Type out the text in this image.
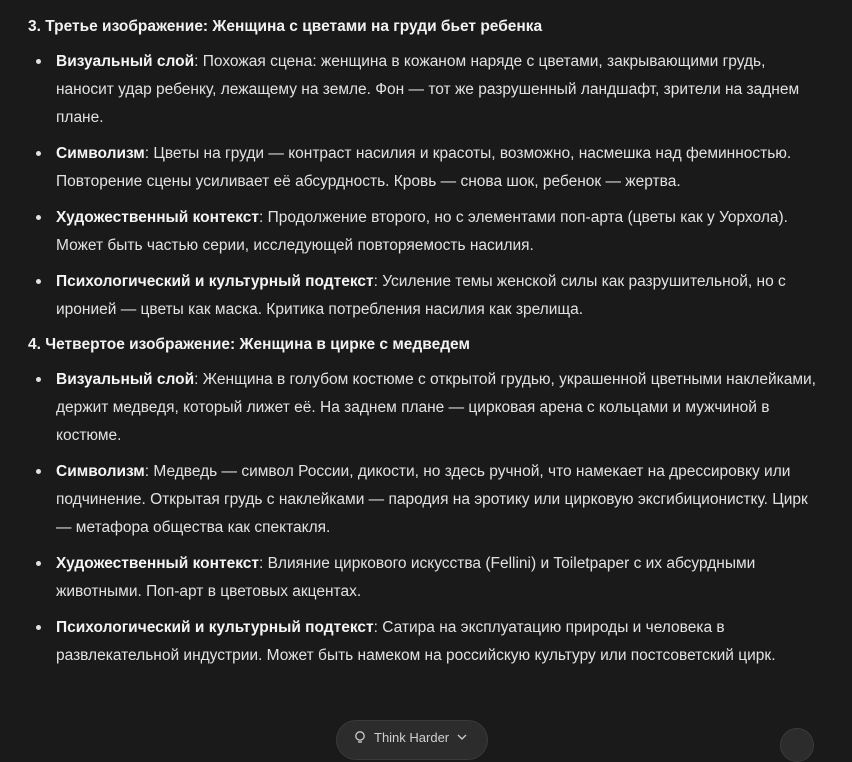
3. Третье изображение: Женщина с цветами на груди бьет ребенка
Визуальный слой: Похожая сцена: женщина в кожаном наряде с цветами, закрывающими грудь, наносит удар ребенку, лежащему на земле. Фон — тот же разрушенный ландшафт, зрители на заднем плане.
Символизм: Цветы на груди — контраст насилия и красоты, возможно, насмешка над феминностью. Повторение сцены усиливает её абсурдность. Кровь — снова шок, ребенок — жертва.
Художественный контекст: Продолжение второго, но с элементами поп-арта (цветы как у Уорхола). Может быть частью серии, исследующей повторяемость насилия.
Психологический и культурный подтекст: Усиление темы женской силы как разрушительной, но с иронией — цветы как маска. Критика потребления насилия как зрелища.
4. Четвертое изображение: Женщина в цирке с медведем
Визуальный слой: Женщина в голубом костюме с открытой грудью, украшенной цветными наклейками, держит медведя, который лижет её. На заднем плане — цирковая арена с кольцами и мужчиной в костюме.
Символизм: Медведь — символ России, дикости, но здесь ручной, что намекает на дрессировку или подчинение. Открытая грудь с наклейками — пародия на эротику или цирковую эксгибиционистку. Цирк — метафора общества как спектакля.
Художественный контекст: Влияние циркового искусства (Fellini) и Toiletpaper с их абсурдными животными. Поп-арт в цветовых акцентах.
Психологический и культурный подтекст: Сатира на эксплуатацию природы и человека в развлекательной индустрии. Может быть намеком на российскую культуру или постсоветский цирк.
Think Harder
